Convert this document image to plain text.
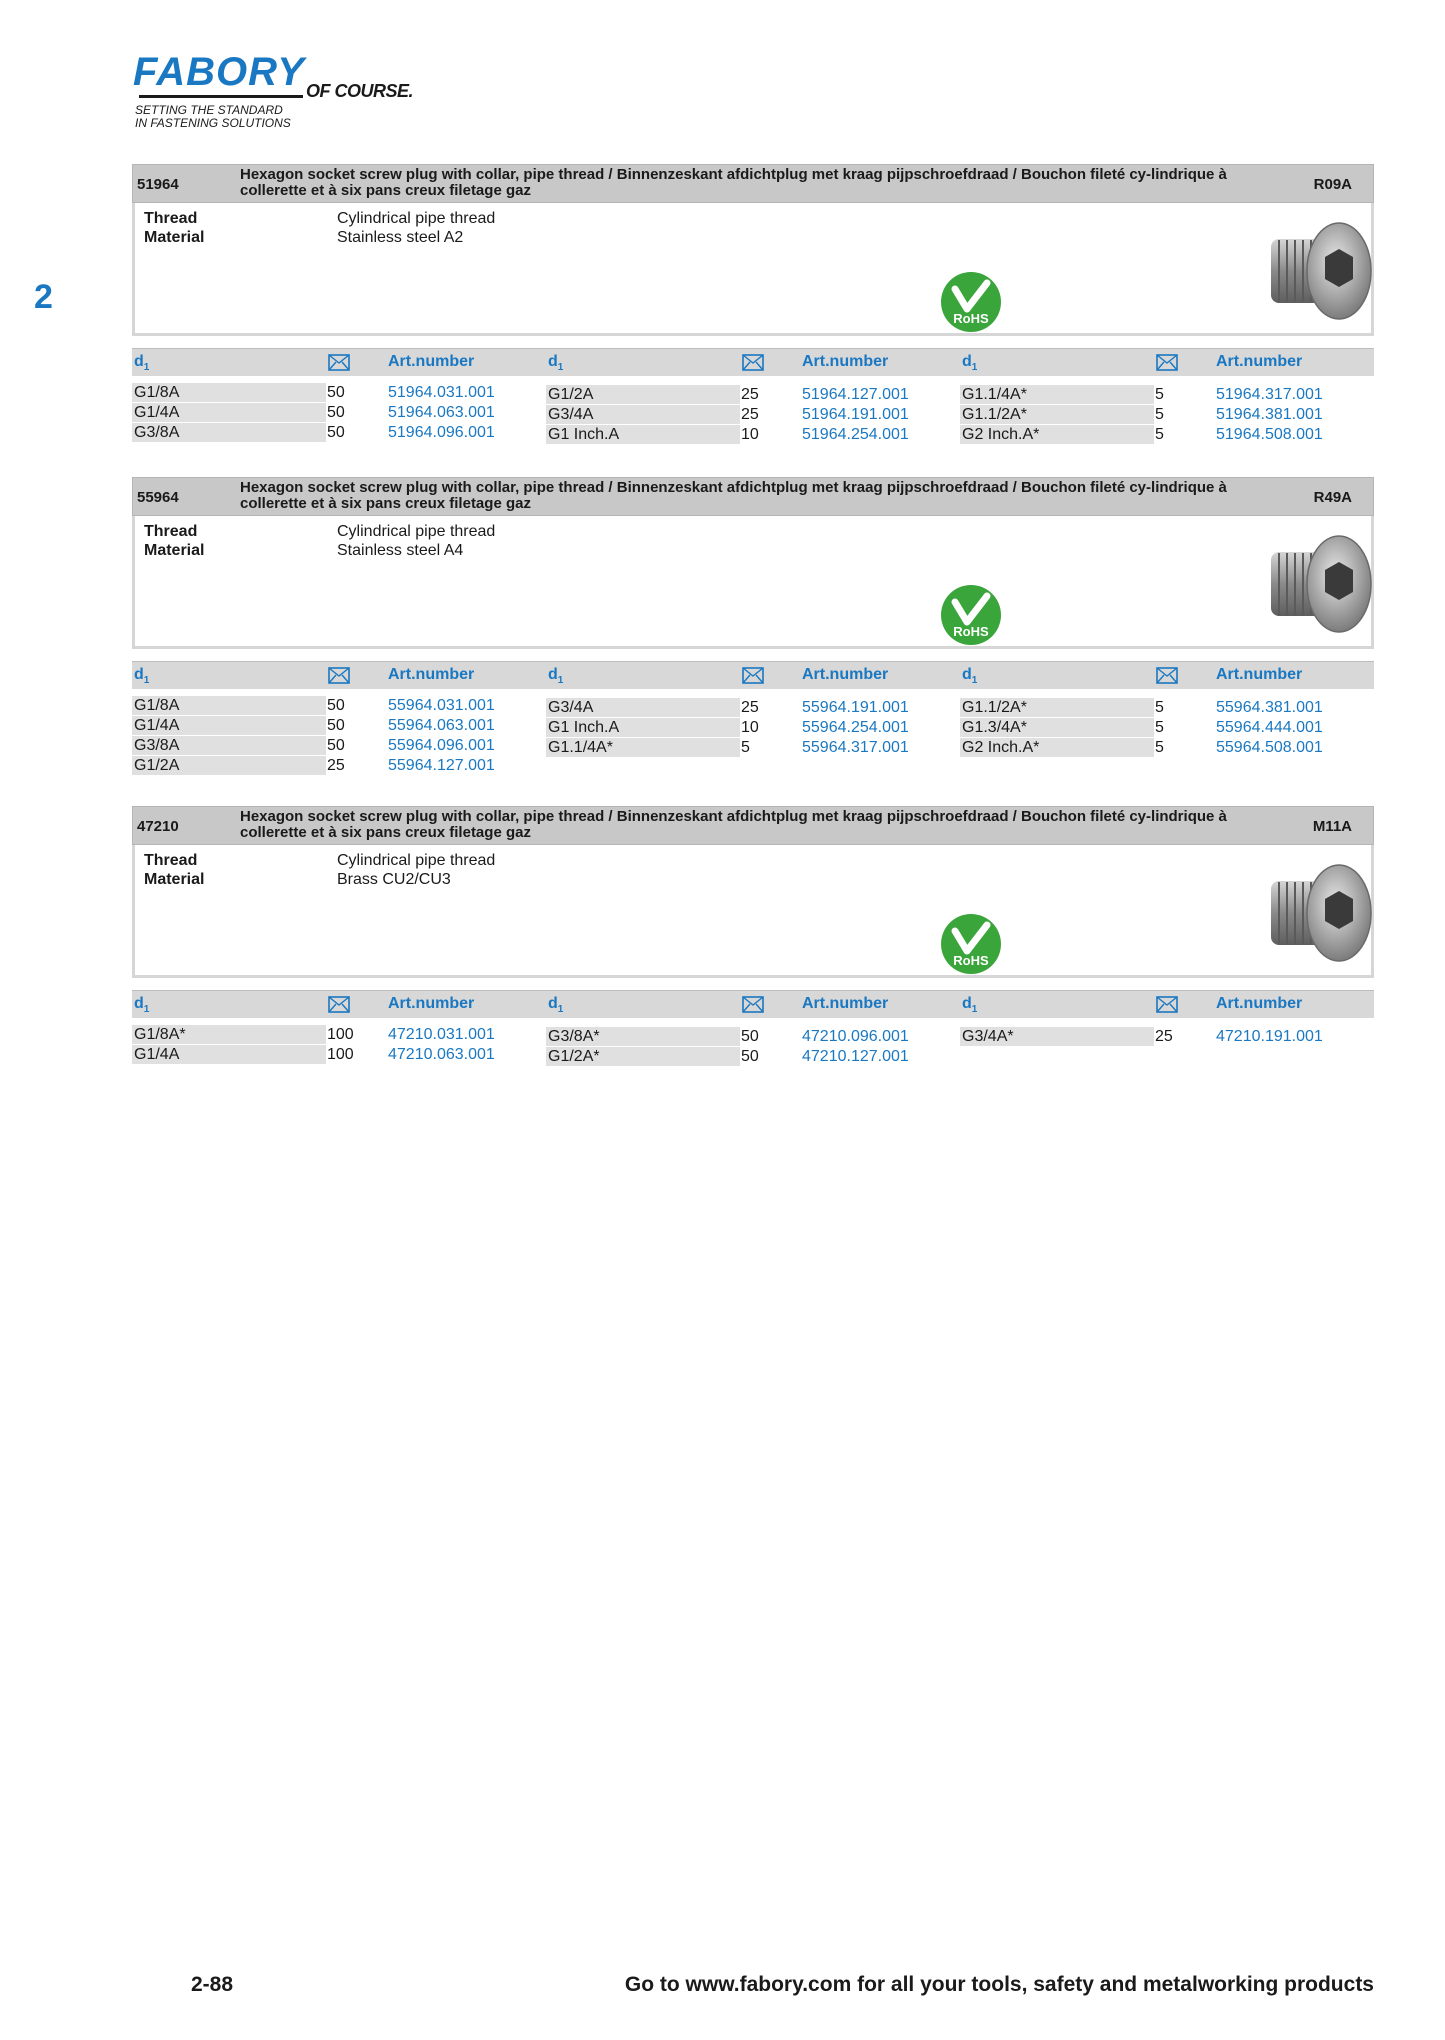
FABORY OF COURSE.
SETTING THE STANDARD
IN FASTENING SOLUTIONS
2
51964
Hexagon socket screw plug with collar, pipe thread / Binnenzeskant afdichtplug met kraag pijpschroefdraad / Bouchon fileté cy-lindrique à collerette et à six pans creux filetage gaz	R09A
Thread	Cylindrical pipe thread
Material	Stainless steel A2
RoHS
$d_1$	Art.number	$d_1$	Art.number	$d_1$	Art.number
G1/8A	50	51964.031.001
G1/4A	50	51964.063.001
G3/8A	50	51964.096.001
G1/2A	25	51964.127.001
G3/4A	25	51964.191.001
G1 Inch.A	10	51964.254.001
G1.1/4A*	5	51964.317.001
G1.1/2A*	5	51964.381.001
G2 Inch.A*	5	51964.508.001
55964
Hexagon socket screw plug with collar, pipe thread / Binnenzeskant afdichtplug met kraag pijpschroefdraad / Bouchon fileté cy-lindrique à collerette et à six pans creux filetage gaz	R49A
Thread	Cylindrical pipe thread
Material	Stainless steel A4
RoHS
$d_1$	Art.number	$d_1$	Art.number	$d_1$	Art.number
G1/8A	50	55964.031.001
G1/4A	50	55964.063.001
G3/8A	50	55964.096.001
G1/2A	25	55964.127.001
G3/4A	25	55964.191.001
G1 Inch.A	10	55964.254.001
G1.1/4A*	5	55964.317.001
G1.1/2A*	5	55964.381.001
G1.3/4A*	5	55964.444.001
G2 Inch.A*	5	55964.508.001
47210
Hexagon socket screw plug with collar, pipe thread / Binnenzeskant afdichtplug met kraag pijpschroefdraad / Bouchon fileté cy-lindrique à collerette et à six pans creux filetage gaz	M11A
Thread	Cylindrical pipe thread
Material	Brass CU2/CU3
RoHS
$d_1$	Art.number	$d_1$	Art.number	$d_1$	Art.number
G1/8A*	100 47210.031.001
G1/4A	100 47210.063.001
G3/8A*	50	47210.096.001
G1/2A*	50	47210.127.001
G3/4A*	25	47210.191.001
2-88	Go to www.fabory.com for all your tools, safety and metalworking products
